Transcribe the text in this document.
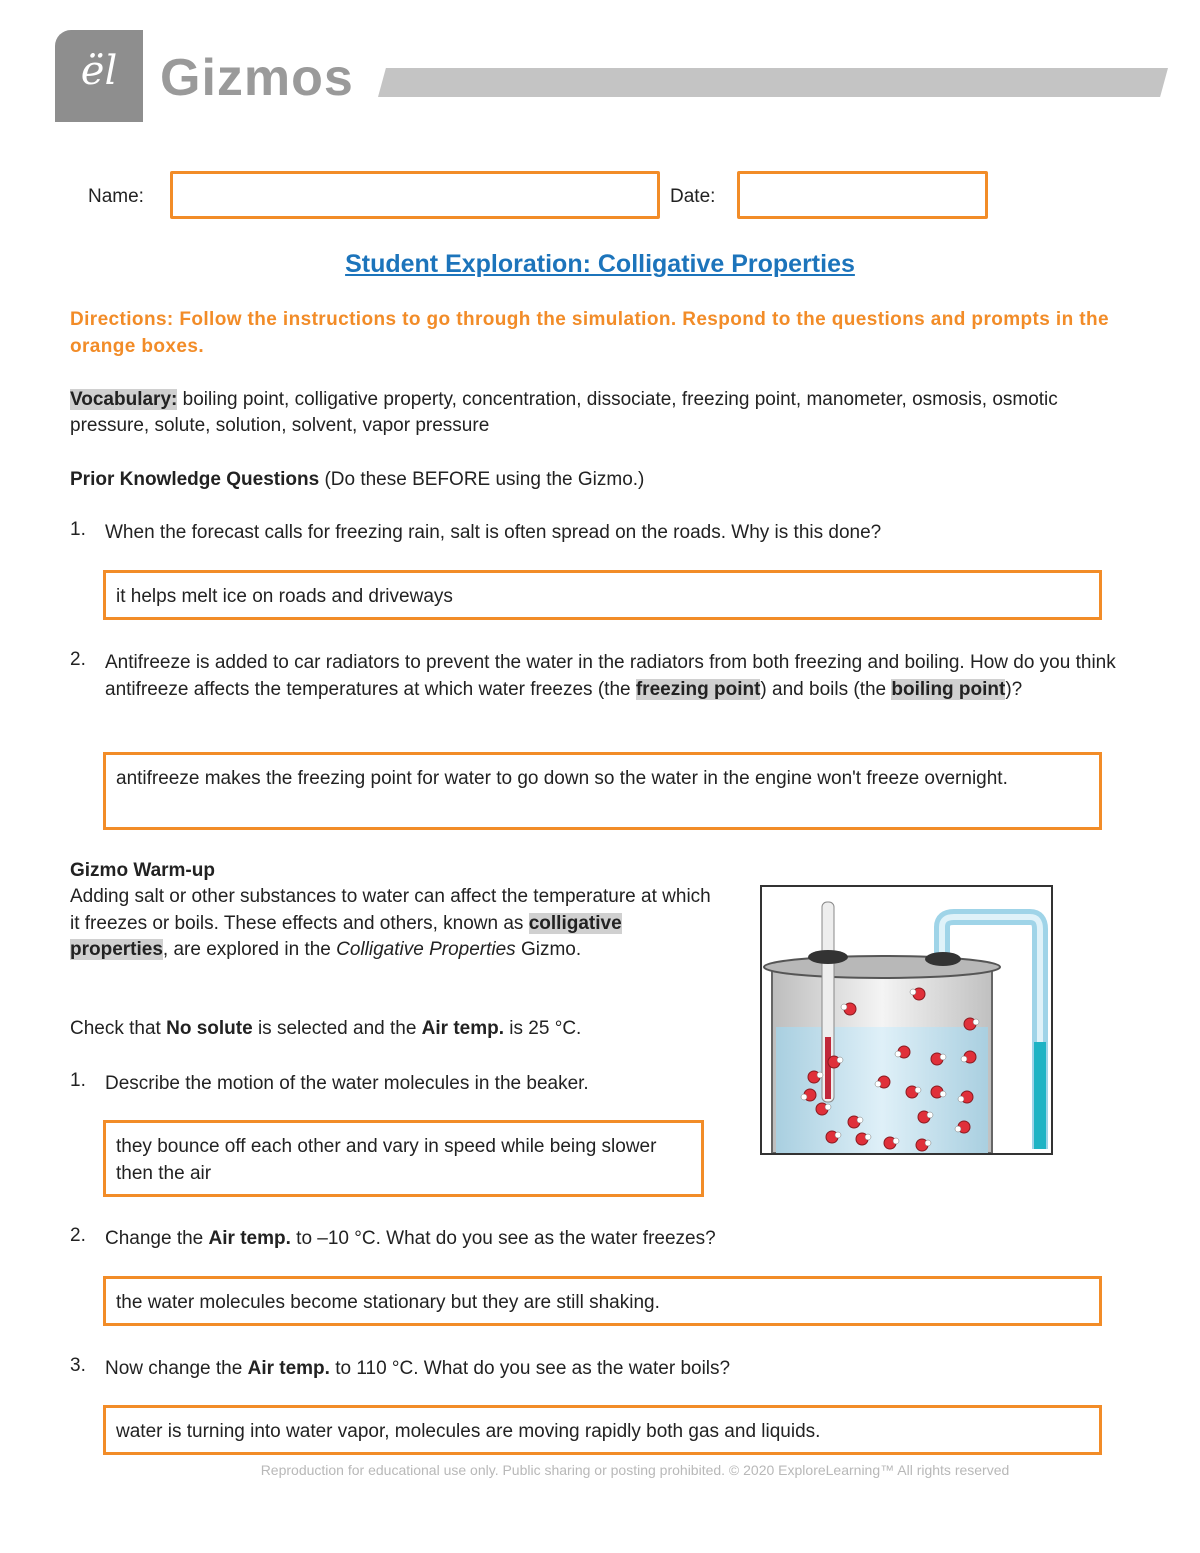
ël Gizmos
Name:	Date:
Student Exploration: Colligative Properties
Directions: Follow the instructions to go through the simulation. Respond to the questions and prompts in the orange boxes.
Vocabulary: boiling point, colligative property, concentration, dissociate, freezing point, manometer, osmosis, osmotic pressure, solute, solution, solvent, vapor pressure
Prior Knowledge Questions (Do these BEFORE using the Gizmo.)
1. When the forecast calls for freezing rain, salt is often spread on the roads. Why is this done?
it helps melt ice on roads and driveways
2. Antifreeze is added to car radiators to prevent the water in the radiators from both freezing and boiling. How do you think antifreeze affects the temperatures at which water freezes (the freezing point) and boils (the boiling point)?
antifreeze makes the freezing point for water to go down so the water in the engine won't freeze overnight.
Gizmo Warm-up
Adding salt or other substances to water can affect the temperature at which it freezes or boils. These effects and others, known as colligative properties, are explored in the Colligative Properties Gizmo.
Check that No solute is selected and the Air temp. is 25 °C.
1. Describe the motion of the water molecules in the beaker.
they bounce off each other and vary in speed while being slower then the air
2. Change the Air temp. to –10 °C. What do you see as the water freezes?
the water molecules become stationary but they are still shaking.
3. Now change the Air temp. to 110 °C. What do you see as the water boils?
water is turning into water vapor, molecules are moving rapidly both gas and liquids.
Reproduction for educational use only. Public sharing or posting prohibited. © 2020 ExploreLearning™ All rights reserved
